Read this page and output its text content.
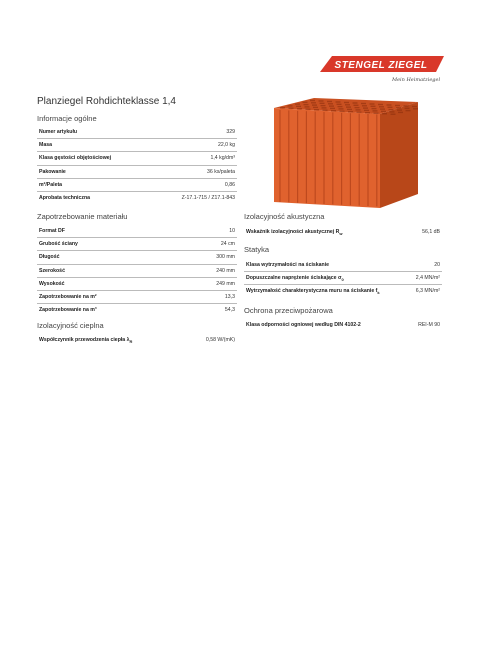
STENGEL ZIEGEL
Mein Heimatziegel
Planziegel Rohdichteklasse 1,4
Informacje ogólne
Numer artykułu	329
Masa	22,0 kg
Klasa gęstości objętościowej	1,4 kg/dm³
Pakowanie	36 ks/paleta
m²/Paleta	0,86
Aprobata techniczna	Z-17.1-715 / Z17.1-843
Zapotrzebowanie materiału
Format DF	10
Grubość ściany	24 cm
Długość	300 mm
Szerokość	240 mm
Wysokość	249 mm
Zapotrzebowanie na m²	13,3
Zapotrzebowanie na m³	54,3
Izolacyjność cieplna
Współczynnik przewodzenia ciepła $\lambda_R$	0,58 W/(mK)
Izolacyjność akustyczna
Wskaźnik izolacyjności akustycznej $R_w$	56,1 dB
Statyka
Klasa wytrzymałości na ściskanie	20
Dopuszczalne naprężenie ściskające $\sigma_0$	2,4 MN/m²
Wytrzymałość charakterystyczna muru na ściskanie $f_k$	6,3 MN/m²
Ochrona przeciwpożarowa
Klasa odporności ogniowej według DIN 4102-2	REI-M 90
